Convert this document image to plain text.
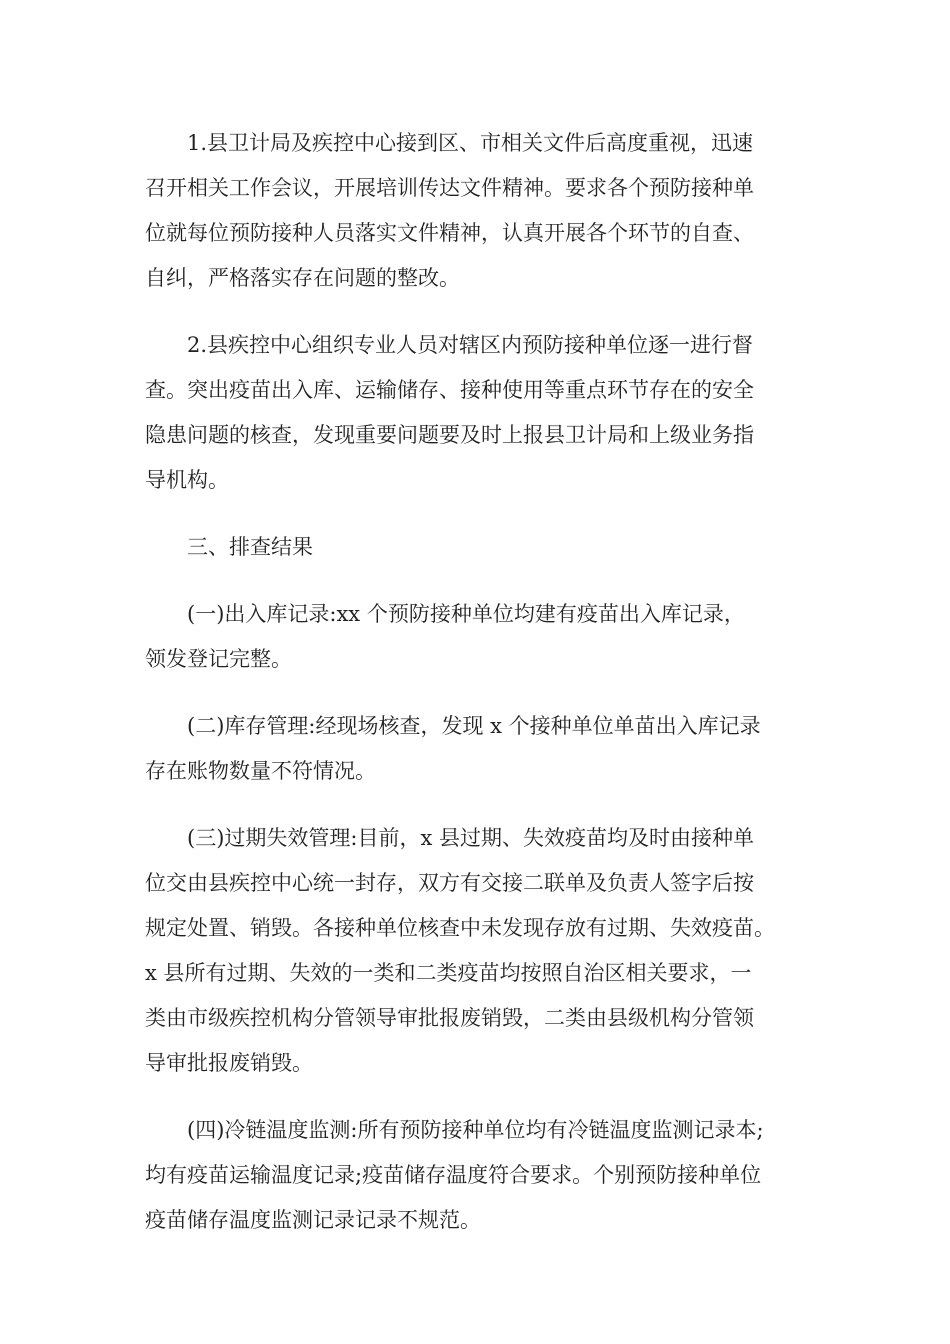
1.县卫计局及疾控中心接到区、市相关文件后高度重视，迅速
召开相关工作会议，开展培训传达文件精神。要求各个预防接种单
位就每位预防接种人员落实文件精神，认真开展各个环节的自查、
自纠，严格落实存在问题的整改。

2.县疾控中心组织专业人员对辖区内预防接种单位逐一进行督
查。突出疫苗出入库、运输储存、接种使用等重点环节存在的安全
隐患问题的核查，发现重要问题要及时上报县卫计局和上级业务指
导机构。

三、排查结果

(一)出入库记录:xx 个预防接种单位均建有疫苗出入库记录，
领发登记完整。

(二)库存管理:经现场核查，发现 x 个接种单位单苗出入库记录
存在账物数量不符情况。

(三)过期失效管理:目前，x 县过期、失效疫苗均及时由接种单
位交由县疾控中心统一封存，双方有交接二联单及负责人签字后按
规定处置、销毁。各接种单位核查中未发现存放有过期、失效疫苗。
x 县所有过期、失效的一类和二类疫苗均按照自治区相关要求，一
类由市级疾控机构分管领导审批报废销毁，二类由县级机构分管领
导审批报废销毁。

(四)冷链温度监测:所有预防接种单位均有冷链温度监测记录本;
均有疫苗运输温度记录;疫苗储存温度符合要求。个别预防接种单位
疫苗储存温度监测记录记录不规范。
